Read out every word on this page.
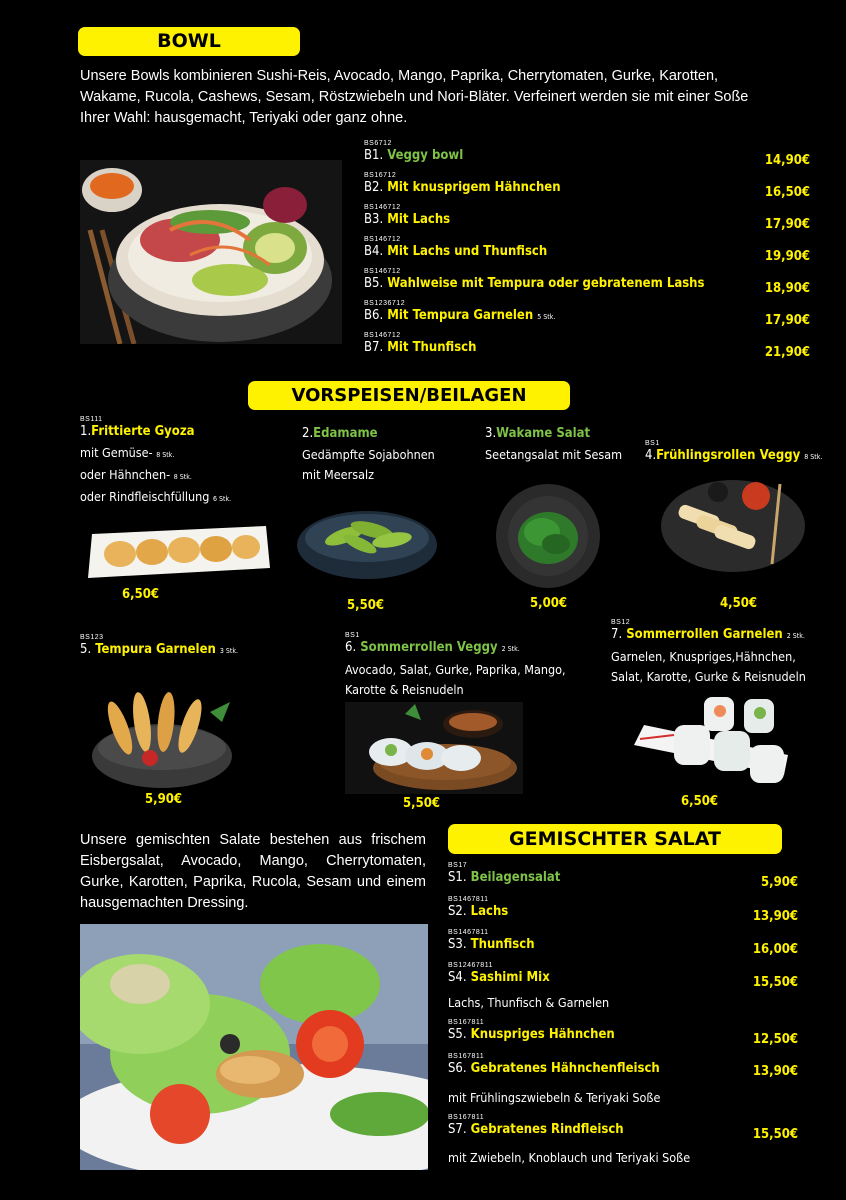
BOWL
Unsere Bowls kombinieren Sushi-Reis, Avocado, Mango, Paprika, Cherrytomaten, Gurke, Karotten, Wakame, Rucola, Cashews, Sesam, Röstzwiebeln und Nori-Bläter. Verfeinert werden sie mit einer Soße Ihrer Wahl: hausgemacht, Teriyaki oder ganz ohne.
BS6712
B1. Veggy bowl	14,90€
BS16712
B2. Mit knusprigem Hähnchen	16,50€
BS146712
B3. Mit Lachs	17,90€
BS146712
B4. Mit Lachs und Thunfisch	19,90€
BS146712
B5. Wahlweise mit Tempura oder gebratenem Lashs	18,90€
BS1236712
B6. Mit Tempura Garnelen 5 Stk.	17,90€
BS146712
B7. Mit Thunfisch	21,90€
VORSPEISEN/BEILAGEN
BS111
1.Frittierte Gyoza
mit Gemüse- 8 Stk.
oder Hähnchen- 8 Stk.
oder Rindfleischfüllung 6 Stk.
6,50€
2.Edamame
Gedämpfte Sojabohnen
mit Meersalz
5,50€
3.Wakame Salat
Seetangsalat mit Sesam
5,00€
BS1
4.Frühlingsrollen Veggy 8 Stk.
4,50€
BS123
5. Tempura Garnelen 3 Stk.
5,90€
BS1
6. Sommerrollen Veggy 2 Stk.
Avocado, Salat, Gurke, Paprika, Mango,
Karotte & Reisnudeln
5,50€
BS12
7. Sommerrollen Garnelen 2 Stk.
Garnelen, Knuspriges,Hähnchen,
Salat, Karotte, Gurke & Reisnudeln
6,50€
Unsere gemischten Salate bestehen aus frischem Eisbergsalat, Avocado, Mango, Cherrytomaten, Gurke, Karotten, Paprika, Rucola, Sesam und einem hausgemachten Dressing.
GEMISCHTER SALAT
BS17
S1. Beilagensalat	5,90€
BS1467811
S2. Lachs	13,90€
BS1467811
S3. Thunfisch	16,00€
BS12467811
S4. Sashimi Mix	15,50€
Lachs, Thunfisch & Garnelen
BS167811
S5. Knuspriges Hähnchen	12,50€
BS167811
S6. Gebratenes Hähnchenfleisch	13,90€
mit Frühlingszwiebeln & Teriyaki Soße
BS167811
S7. Gebratenes Rindfleisch	15,50€
mit Zwiebeln, Knoblauch und Teriyaki Soße
